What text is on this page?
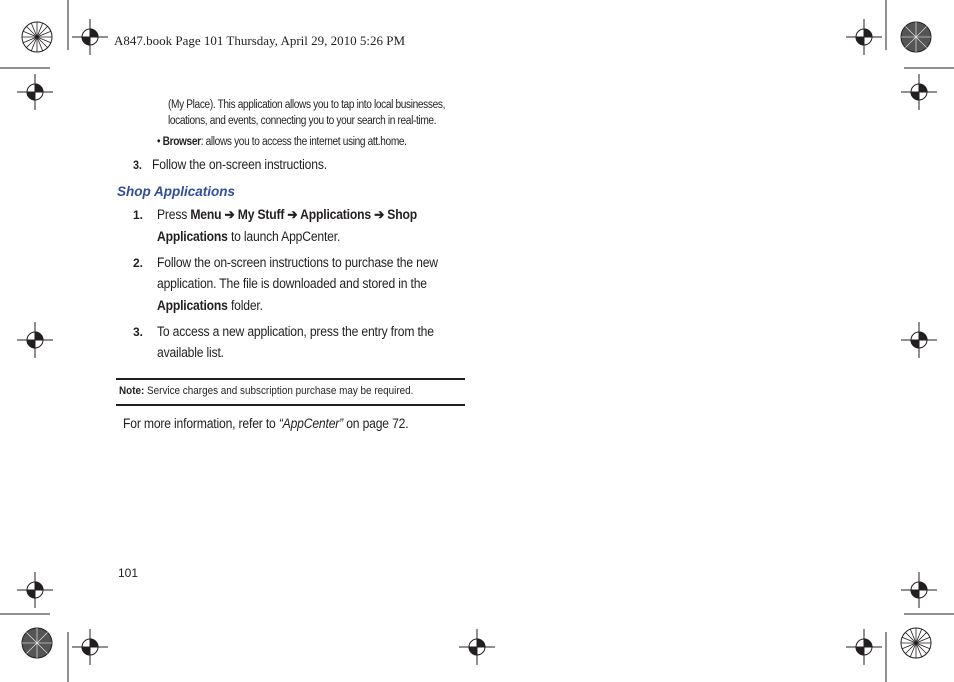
A847.book Page 101 Thursday, April 29, 2010 5:26 PM
(My Place). This application allows you to tap into local businesses,
locations, and events, connecting you to your search in real-time.
• Browser: allows you to access the internet using att.home.
3. Follow the on-screen instructions.
Shop Applications
1. Press Menu ➔ My Stuff ➔ Applications ➔ Shop
Applications to launch AppCenter.
2. Follow the on-screen instructions to purchase the new
application. The file is downloaded and stored in the
Applications folder.
3. To access a new application, press the entry from the
available list.
Note: Service charges and subscription purchase may be required.
For more information, refer to “AppCenter” on page 72.
101
